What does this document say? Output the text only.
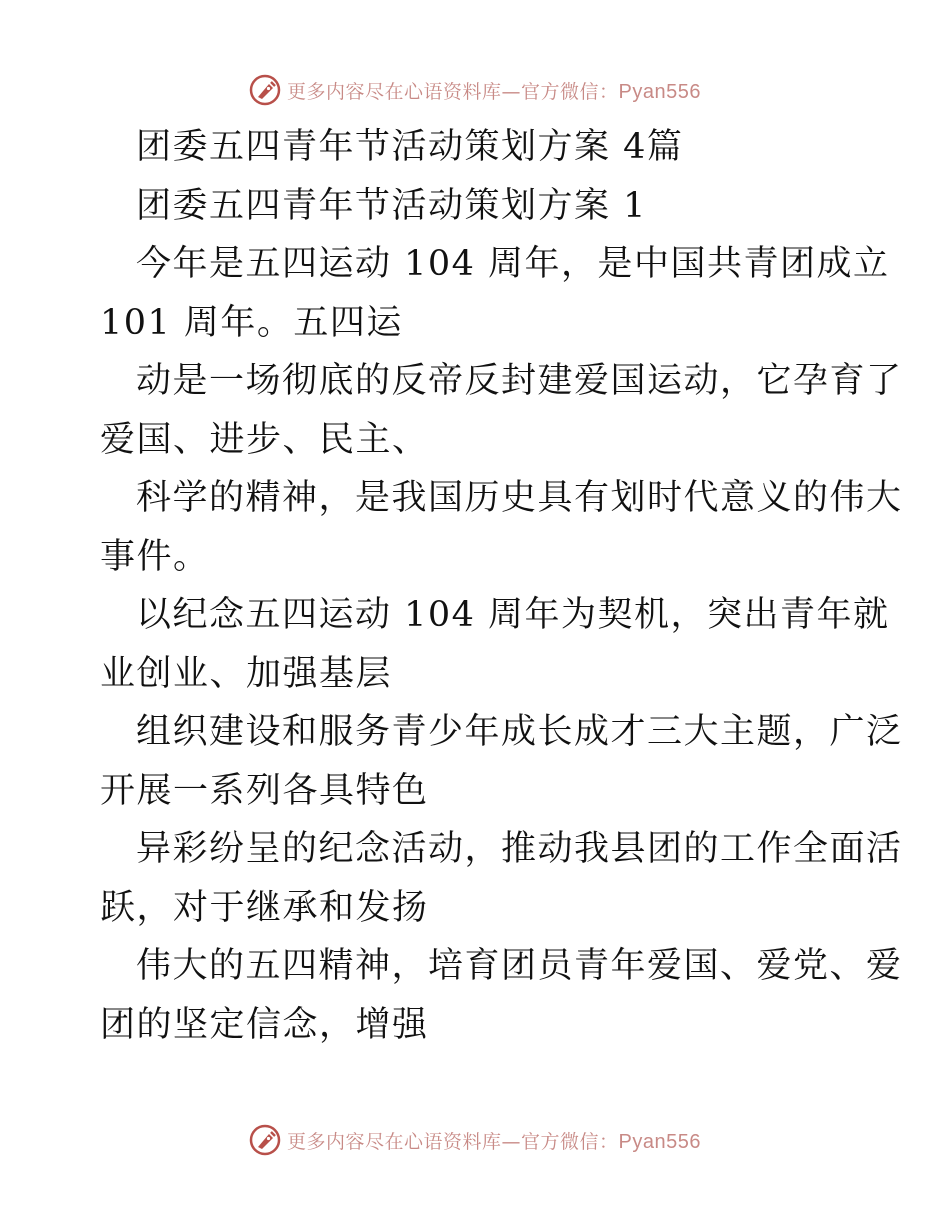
更多内容尽在心语资料库—官方微信：Pyan556
团委五四青年节活动策划方案 4篇
团委五四青年节活动策划方案 1
今年是五四运动 104 周年，是中国共青团成立
101 周年。五四运
动是一场彻底的反帝反封建爱国运动，它孕育了
爱国、进步、民主、
科学的精神，是我国历史具有划时代意义的伟大
事件。
以纪念五四运动 104 周年为契机，突出青年就
业创业、加强基层
组织建设和服务青少年成长成才三大主题，广泛
开展一系列各具特色
异彩纷呈的纪念活动，推动我县团的工作全面活
跃，对于继承和发扬
伟大的五四精神，培育团员青年爱国、爱党、爱
团的坚定信念，增强
更多内容尽在心语资料库—官方微信：Pyan556
